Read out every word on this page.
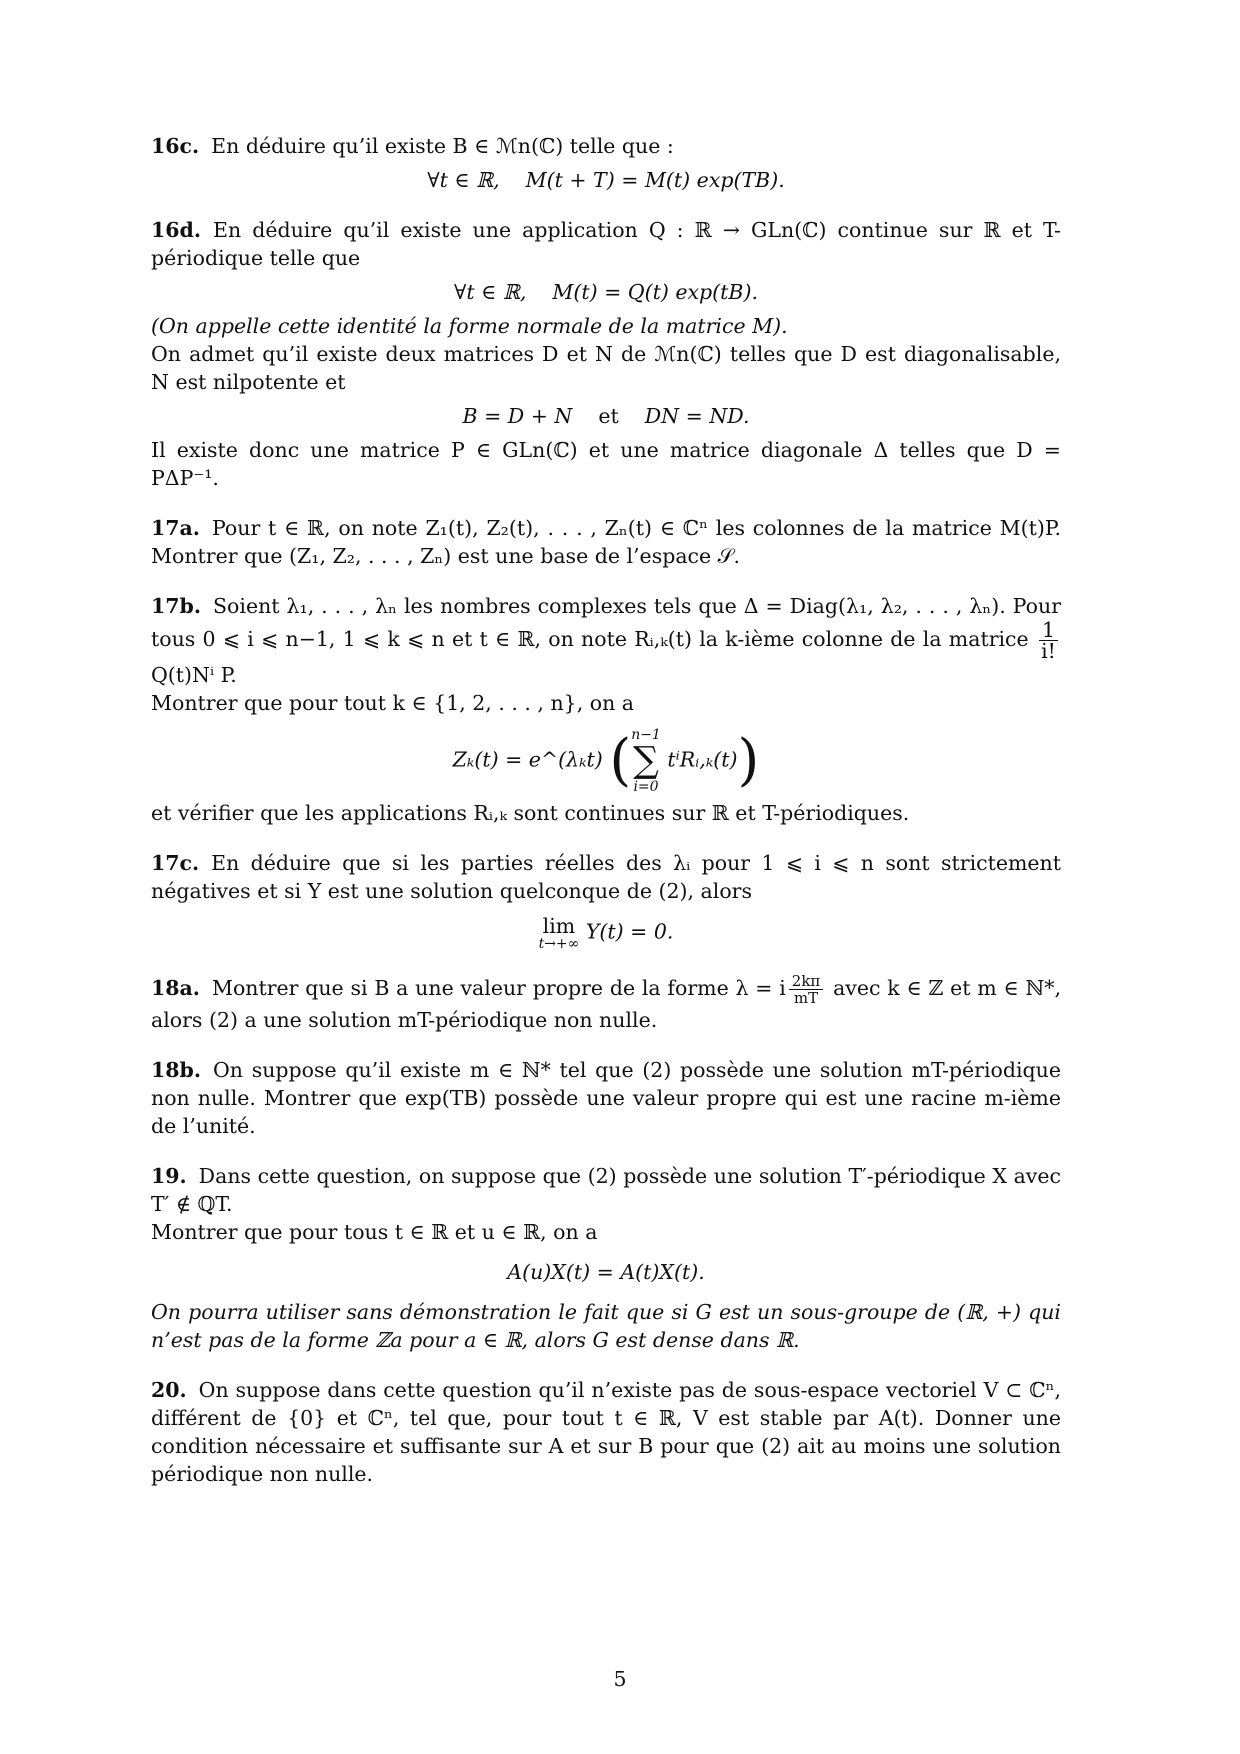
16c. En déduire qu’il existe B ∈ ℳn(ℂ) telle que :

∀t ∈ ℝ, M(t + T) = M(t) exp(TB).

16d. En déduire qu’il existe une application Q : ℝ → GLn(ℂ) continue sur ℝ et T-périodique telle que

∀t ∈ ℝ, M(t) = Q(t) exp(tB).

(On appelle cette identité la forme normale de la matrice M).

On admet qu’il existe deux matrices D et N de ℳn(ℂ) telles que D est diagonalisable, N est nilpotente et

B = D + N et DN = ND.

Il existe donc une matrice P ∈ GLn(ℂ) et une matrice diagonale Δ telles que D = PΔP⁻¹.

17a. Pour t ∈ ℝ, on note Z₁(t), Z₂(t), . . . , Zₙ(t) ∈ ℂⁿ les colonnes de la matrice M(t)P. Montrer que (Z₁, Z₂, . . . , Zₙ) est une base de l’espace 𝒮.

17b. Soient λ₁, . . . , λₙ les nombres complexes tels que Δ = Diag(λ₁, λ₂, . . . , λₙ). Pour tous 0 ⩽ i ⩽ n−1, 1 ⩽ k ⩽ n et t ∈ ℝ, on note Rᵢ,ₖ(t) la k-ième colonne de la matrice $\frac{1}{i!}$
Q(t)Nⁱ P.

Montrer que pour tout k ∈ {1, 2, . . . , n}, on a

Zₖ(t) = e^(λₖt) ( n−1
∑
i=0
tⁱRᵢ,ₖ(t))

et vérifier que les applications Rᵢ,ₖ sont continues sur ℝ et T-périodiques.

17c. En déduire que si les parties réelles des λᵢ pour 1 ⩽ i ⩽ n sont strictement négatives et si Y est une solution quelconque de (2), alors

lim
t→+∞
Y(t) = 0.

18a. Montrer que si B a une valeur propre de la forme λ = i $\frac{2k\pi}{mT}$ avec k ∈ ℤ et m ∈ ℕ*, alors (2) a une solution mT-périodique non nulle.

18b. On suppose qu’il existe m ∈ ℕ* tel que (2) possède une solution mT-périodique non nulle. Montrer que exp(TB) possède une valeur propre qui est une racine m-ième de l’unité.

19. Dans cette question, on suppose que (2) possède une solution T′-périodique X avec T′ ∉ ℚT.

Montrer que pour tous t ∈ ℝ et u ∈ ℝ, on a

A(u)X(t) = A(t)X(t).

On pourra utiliser sans démonstration le fait que si G est un sous-groupe de (ℝ, +) qui n’est pas de la forme ℤa pour a ∈ ℝ, alors G est dense dans ℝ.

20. On suppose dans cette question qu’il n’existe pas de sous-espace vectoriel V ⊂ ℂⁿ, différent de {0} et ℂⁿ, tel que, pour tout t ∈ ℝ, V est stable par A(t). Donner une condition nécessaire et suffisante sur A et sur B pour que (2) ait au moins une solution périodique non nulle.

5
